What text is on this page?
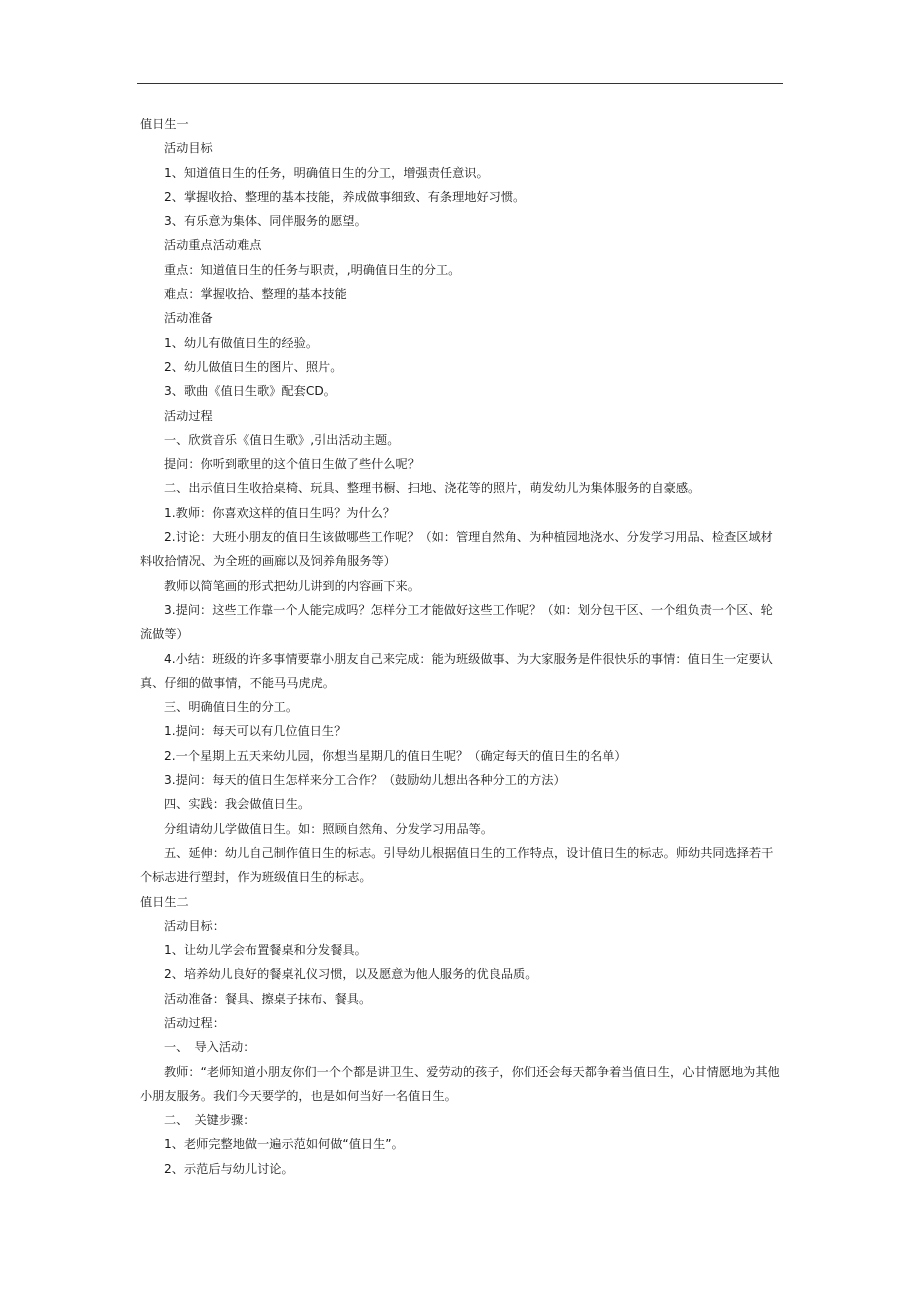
值日生一

活动目标

1、知道值日生的任务，明确值日生的分工，增强责任意识。

2、掌握收拾、整理的基本技能，养成做事细致、有条理地好习惯。

3、有乐意为集体、同伴服务的愿望。

活动重点活动难点

重点：知道值日生的任务与职责，,明确值日生的分工。

难点：掌握收拾、整理的基本技能

活动准备

1、幼儿有做值日生的经验。

2、幼儿做值日生的图片、照片。

3、歌曲《值日生歌》配套CD。

活动过程

一、欣赏音乐《值日生歌》,引出活动主题。

提问：你听到歌里的这个值日生做了些什么呢？

二、出示值日生收拾桌椅、玩具、整理书橱、扫地、浇花等的照片，萌发幼儿为集体服务的自豪感。

1.教师：你喜欢这样的值日生吗？为什么？

2.讨论：大班小朋友的值日生该做哪些工作呢？（如：管理自然角、为种植园地浇水、分发学习用品、检查区域材料收拾情况、为全班的画廊以及饲养角服务等）

教师以简笔画的形式把幼儿讲到的内容画下来。

3.提问：这些工作靠一个人能完成吗？怎样分工才能做好这些工作呢？（如：划分包干区、一个组负责一个区、轮流做等）

4.小结：班级的许多事情要靠小朋友自己来完成：能为班级做事、为大家服务是件很快乐的事情：值日生一定要认真、仔细的做事情，不能马马虎虎。

三、明确值日生的分工。

1.提问：每天可以有几位值日生？

2.一个星期上五天来幼儿园，你想当星期几的值日生呢？（确定每天的值日生的名单）

3.提问：每天的值日生怎样来分工合作？（鼓励幼儿想出各种分工的方法）

四、实践：我会做值日生。

分组请幼儿学做值日生。如：照顾自然角、分发学习用品等。

五、延伸：幼儿自己制作值日生的标志。引导幼儿根据值日生的工作特点，设计值日生的标志。师幼共同选择若干个标志进行塑封，作为班级值日生的标志。

值日生二

活动目标：

1、让幼儿学会布置餐桌和分发餐具。

2、培养幼儿良好的餐桌礼仪习惯，以及愿意为他人服务的优良品质。

活动准备：餐具、擦桌子抹布、餐具。

活动过程：

一、　导入活动：

教师：“老师知道小朋友你们一个个都是讲卫生、爱劳动的孩子，你们还会每天都争着当值日生，心甘情愿地为其他小朋友服务。我们今天要学的，也是如何当好一名值日生。

二、　关键步骤：

1、老师完整地做一遍示范如何做“值日生”。

2、示范后与幼儿讨论。
